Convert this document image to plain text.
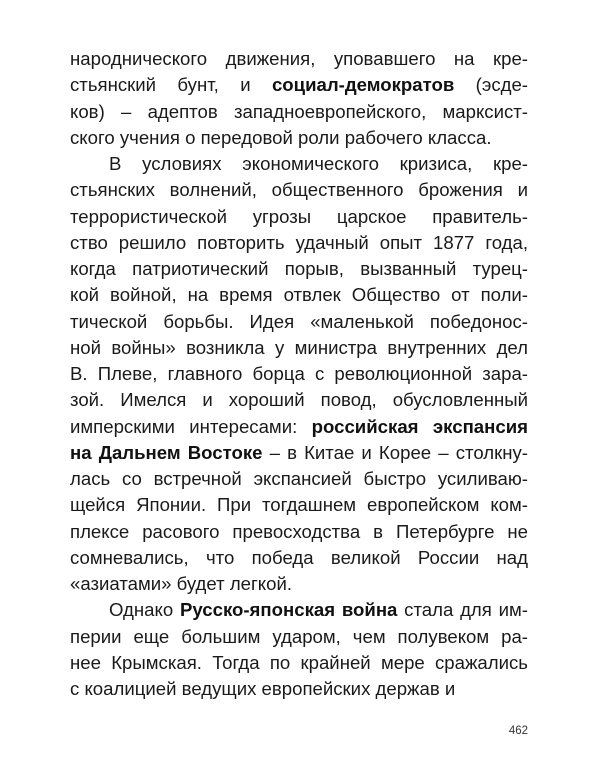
народнического движения, уповавшего на кре-
стьянский бунт, и социал-демократов (эсде-
ков) – адептов западноевропейского, марксист-
ского учения о передовой роли рабочего класса.
В условиях экономического кризиса, кре-
стьянских волнений, общественного брожения и
террористической угрозы царское правитель-
ство решило повторить удачный опыт 1877 года,
когда патриотический порыв, вызванный турец-
кой войной, на время отвлек Общество от поли-
тической борьбы. Идея «маленькой победонос-
ной войны» возникла у министра внутренних дел
В. Плеве, главного борца с революционной зара-
зой. Имелся и хороший повод, обусловленный
имперскими интересами: российская экспансия
на Дальнем Востоке – в Китае и Корее – столкну-
лась со встречной экспансией быстро усиливаю-
щейся Японии. При тогдашнем европейском ком-
плексе расового превосходства в Петербурге не
сомневались, что победа великой России над
«азиатами» будет легкой.
Однако Русско-японская война стала для им-
перии еще большим ударом, чем полувеком ра-
нее Крымская. Тогда по крайней мере сражались
с коалицией ведущих европейских держав и
462
